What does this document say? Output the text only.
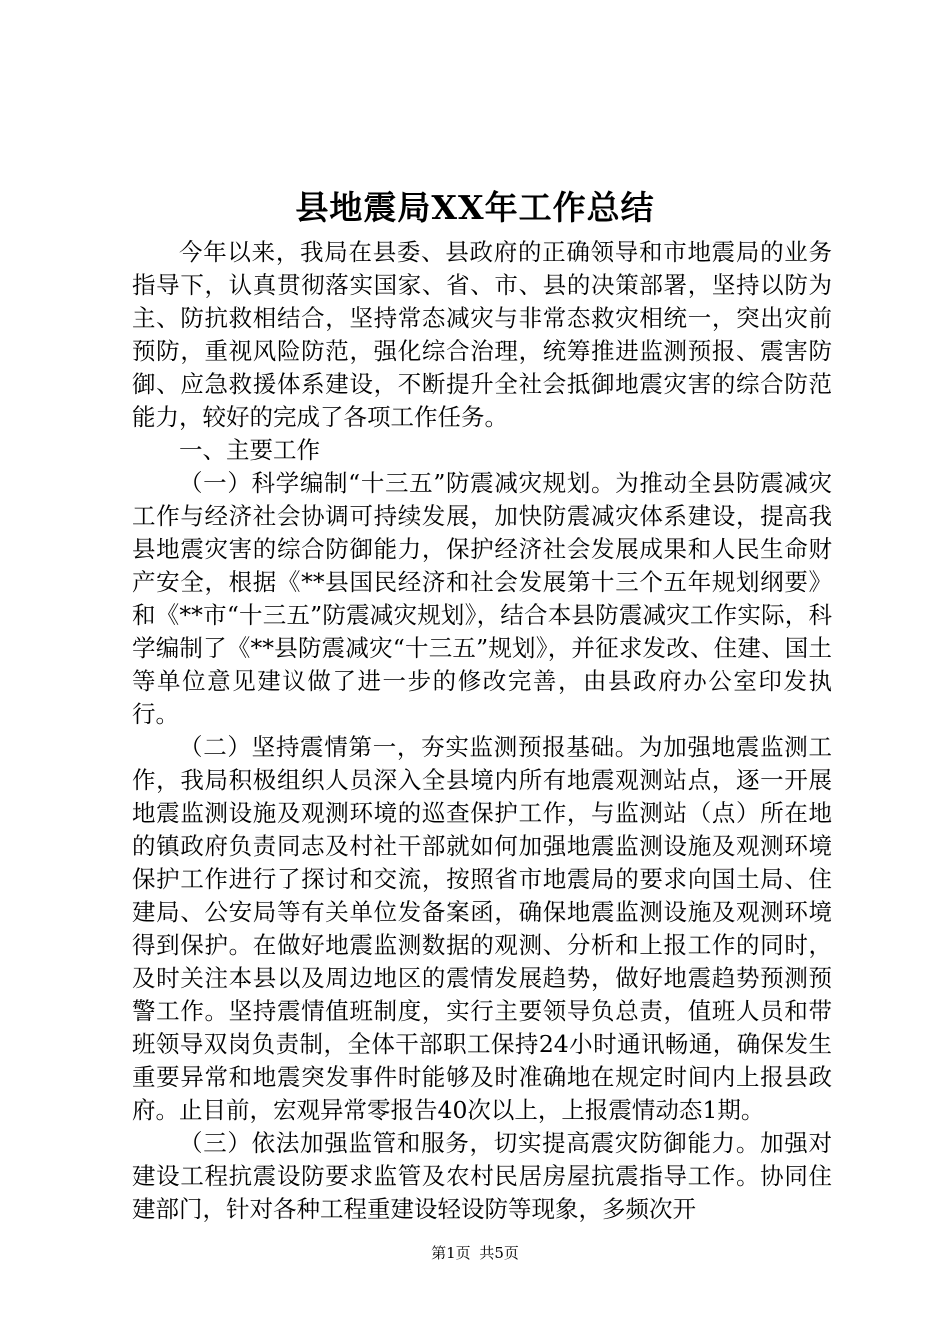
县地震局XX年工作总结

今年以来，我局在县委、县政府的正确领导和市地震局的业务指导下，认真贯彻落实国家、省、市、县的决策部署，坚持以防为主、防抗救相结合，坚持常态减灾与非常态救灾相统一，突出灾前预防，重视风险防范，强化综合治理，统筹推进监测预报、震害防御、应急救援体系建设，不断提升全社会抵御地震灾害的综合防范能力，较好的完成了各项工作任务。

一、主要工作

（一）科学编制“十三五”防震减灾规划。为推动全县防震减灾工作与经济社会协调可持续发展，加快防震减灾体系建设，提高我县地震灾害的综合防御能力，保护经济社会发展成果和人民生命财产安全，根据《**县国民经济和社会发展第十三个五年规划纲要》和《**市“十三五”防震减灾规划》，结合本县防震减灾工作实际，科学编制了《**县防震减灾“十三五”规划》，并征求发改、住建、国土等单位意见建议做了进一步的修改完善，由县政府办公室印发执行。

（二）坚持震情第一，夯实监测预报基础。为加强地震监测工作，我局积极组织人员深入全县境内所有地震观测站点，逐一开展地震监测设施及观测环境的巡查保护工作，与监测站（点）所在地的镇政府负责同志及村社干部就如何加强地震监测设施及观测环境保护工作进行了探讨和交流，按照省市地震局的要求向国土局、住建局、公安局等有关单位发备案函，确保地震监测设施及观测环境得到保护。在做好地震监测数据的观测、分析和上报工作的同时，及时关注本县以及周边地区的震情发展趋势，做好地震趋势预测预警工作。坚持震情值班制度，实行主要领导负总责，值班人员和带班领导双岗负责制，全体干部职工保持24小时通讯畅通，确保发生重要异常和地震突发事件时能够及时准确地在规定时间内上报县政府。止目前，宏观异常零报告40次以上，上报震情动态1期。

（三）依法加强监管和服务，切实提高震灾防御能力。加强对建设工程抗震设防要求监管及农村民居房屋抗震指导工作。协同住建部门，针对各种工程重建设轻设防等现象，多频次开

第1页 共5页
